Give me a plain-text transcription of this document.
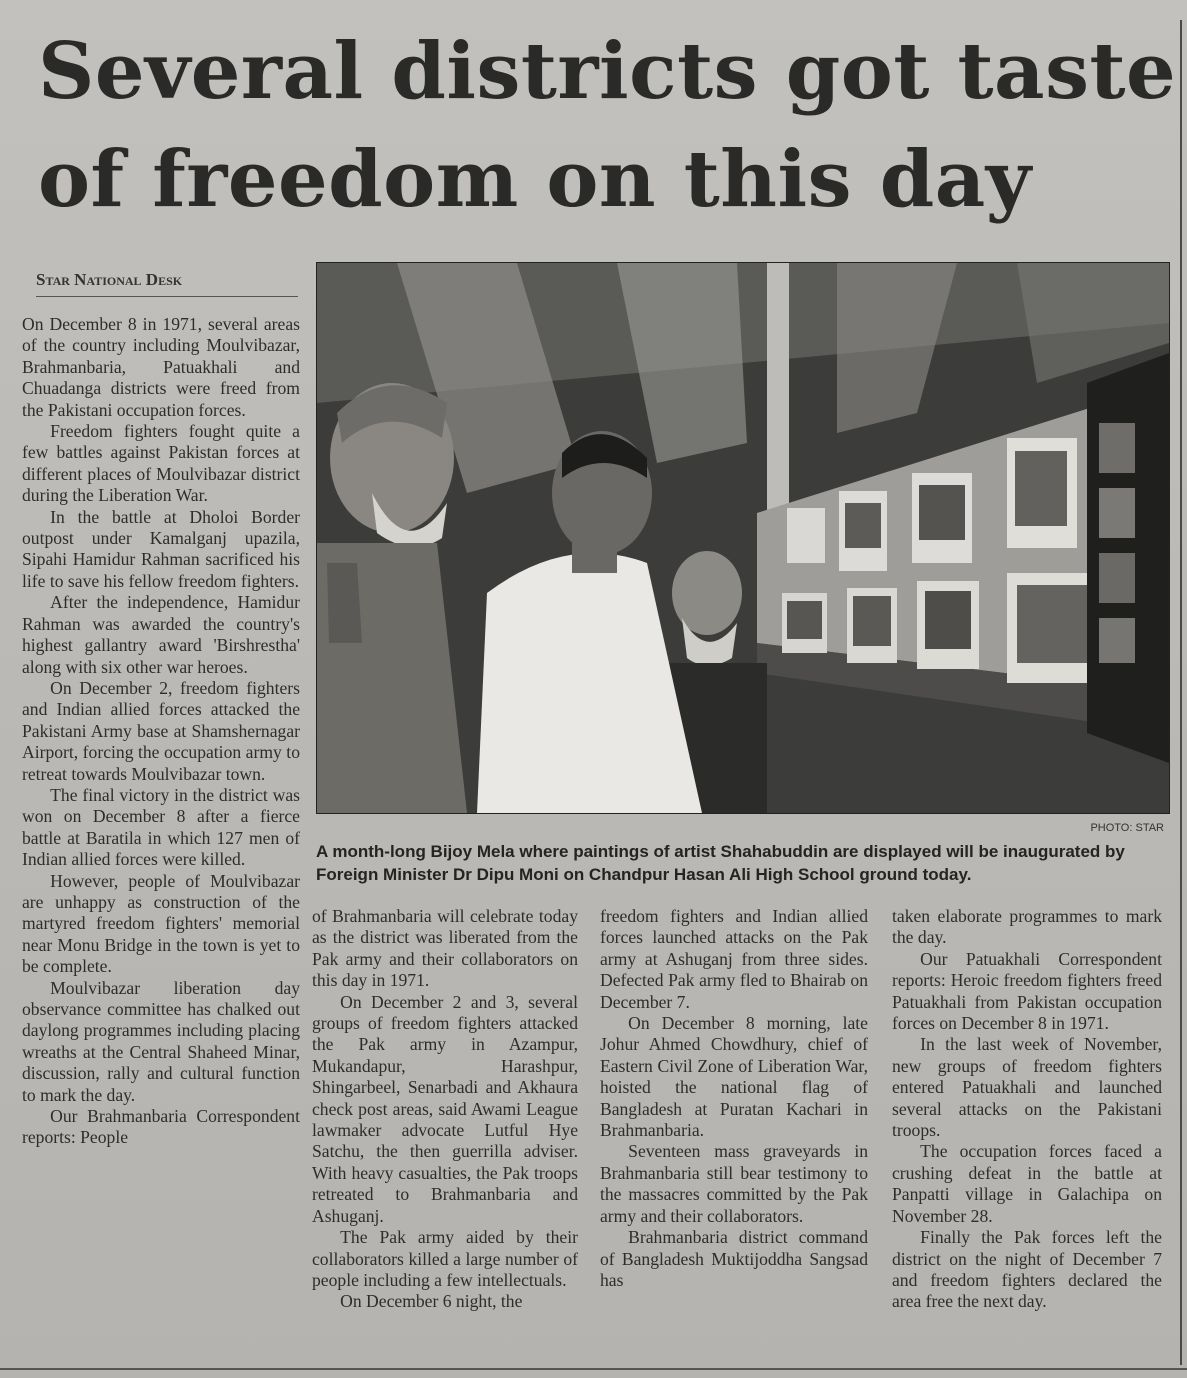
Several districts got taste of freedom on this day
Star National Desk

On December 8 in 1971, several areas of the country including Moulvibazar, Brahmanbaria, Patuakhali and Chuadanga districts were freed from the Pakistani occupation forces.

Freedom fighters fought quite a few battles against Pakistan forces at different places of Moulvibazar district during the Liberation War.

In the battle at Dholoi Border outpost under Kamalganj upazila, Sipahi Hamidur Rahman sacrificed his life to save his fellow freedom fighters.

After the independence, Hamidur Rahman was awarded the country's highest gallantry award 'Birshrestha' along with six other war heroes.

On December 2, freedom fighters and Indian allied forces attacked the Pakistani Army base at Shamshernagar Airport, forcing the occupation army to retreat towards Moulvibazar town.

The final victory in the district was won on December 8 after a fierce battle at Baratila in which 127 men of Indian allied forces were killed.

However, people of Moulvibazar are unhappy as construction of the martyred freedom fighters' memorial near Monu Bridge in the town is yet to be complete.

Moulvibazar liberation day observance committee has chalked out daylong programmes including placing wreaths at the Central Shaheed Minar, discussion, rally and cultural function to mark the day.

Our Brahmanbaria Correspondent reports: People

PHOTO: STAR
A month-long Bijoy Mela where paintings of artist Shahabuddin are displayed will be inaugurated by Foreign Minister Dr Dipu Moni on Chandpur Hasan Ali High School ground today.

of Brahmanbaria will celebrate today as the district was liberated from the Pak army and their collaborators on this day in 1971.

On December 2 and 3, several groups of freedom fighters attacked the Pak army in Azampur, Mukandapur, Harashpur, Shingarbeel, Senarbadi and Akhaura check post areas, said Awami League lawmaker advocate Lutful Hye Satchu, the then guerrilla adviser. With heavy casualties, the Pak troops retreated to Brahmanbaria and Ashuganj.

The Pak army aided by their collaborators killed a large number of people including a few intellectuals.

On December 6 night, the

freedom fighters and Indian allied forces launched attacks on the Pak army at Ashuganj from three sides. Defected Pak army fled to Bhairab on December 7.

On December 8 morning, late Johur Ahmed Chowdhury, chief of Eastern Civil Zone of Liberation War, hoisted the national flag of Bangladesh at Puratan Kachari in Brahmanbaria.

Seventeen mass graveyards in Brahmanbaria still bear testimony to the massacres committed by the Pak army and their collaborators.

Brahmanbaria district command of Bangladesh Muktijoddha Sangsad has

taken elaborate programmes to mark the day.

Our Patuakhali Correspondent reports: Heroic freedom fighters freed Patuakhali from Pakistan occupation forces on December 8 in 1971.

In the last week of November, new groups of freedom fighters entered Patuakhali and launched several attacks on the Pakistani troops.

The occupation forces faced a crushing defeat in the battle at Panpatti village in Galachipa on November 28.

Finally the Pak forces left the district on the night of December 7 and freedom fighters declared the area free the next day.
